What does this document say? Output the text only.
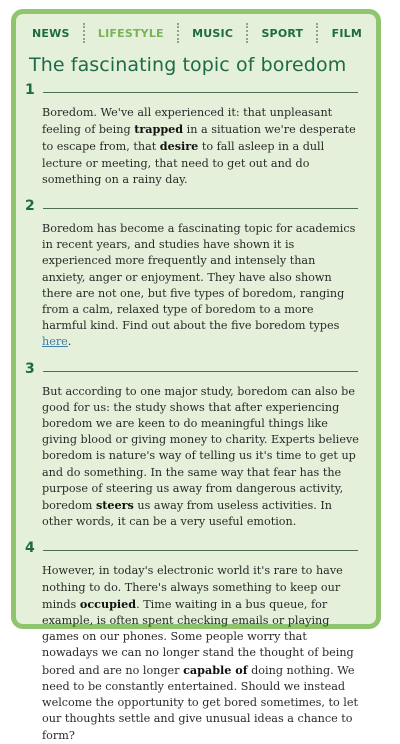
NEWS	LIFESTYLE	MUSIC	SPORT	FILM
The fascinating topic of boredom
1

Boredom. We've all experienced it: that unpleasant feeling of being trapped in a situation we're desperate to escape from, that desire to fall asleep in a dull lecture or meeting, that need to get out and do something on a rainy day.

2

Boredom has become a fascinating topic for academics in recent years, and studies have shown it is experienced more frequently and intensely than anxiety, anger or enjoyment. They have also shown there are not one, but five types of boredom, ranging from a calm, relaxed type of boredom to a more harmful kind. Find out about the five boredom types here.

3

But according to one major study, boredom can also be good for us: the study shows that after experiencing boredom we are keen to do meaningful things like giving blood or giving money to charity. Experts believe boredom is nature's way of telling us it's time to get up and do something. In the same way that fear has the purpose of steering us away from dangerous activity, boredom steers us away from useless activities. In other words, it can be a very useful emotion.

4

However, in today's electronic world it's rare to have nothing to do. There's always something to keep our minds occupied. Time waiting in a bus queue, for example, is often spent checking emails or playing games on our phones. Some people worry that nowadays we can no longer stand the thought of being bored and are no longer capable of doing nothing. We need to be constantly entertained. Should we instead welcome the opportunity to get bored sometimes, to let our thoughts settle and give unusual ideas a chance to form?
